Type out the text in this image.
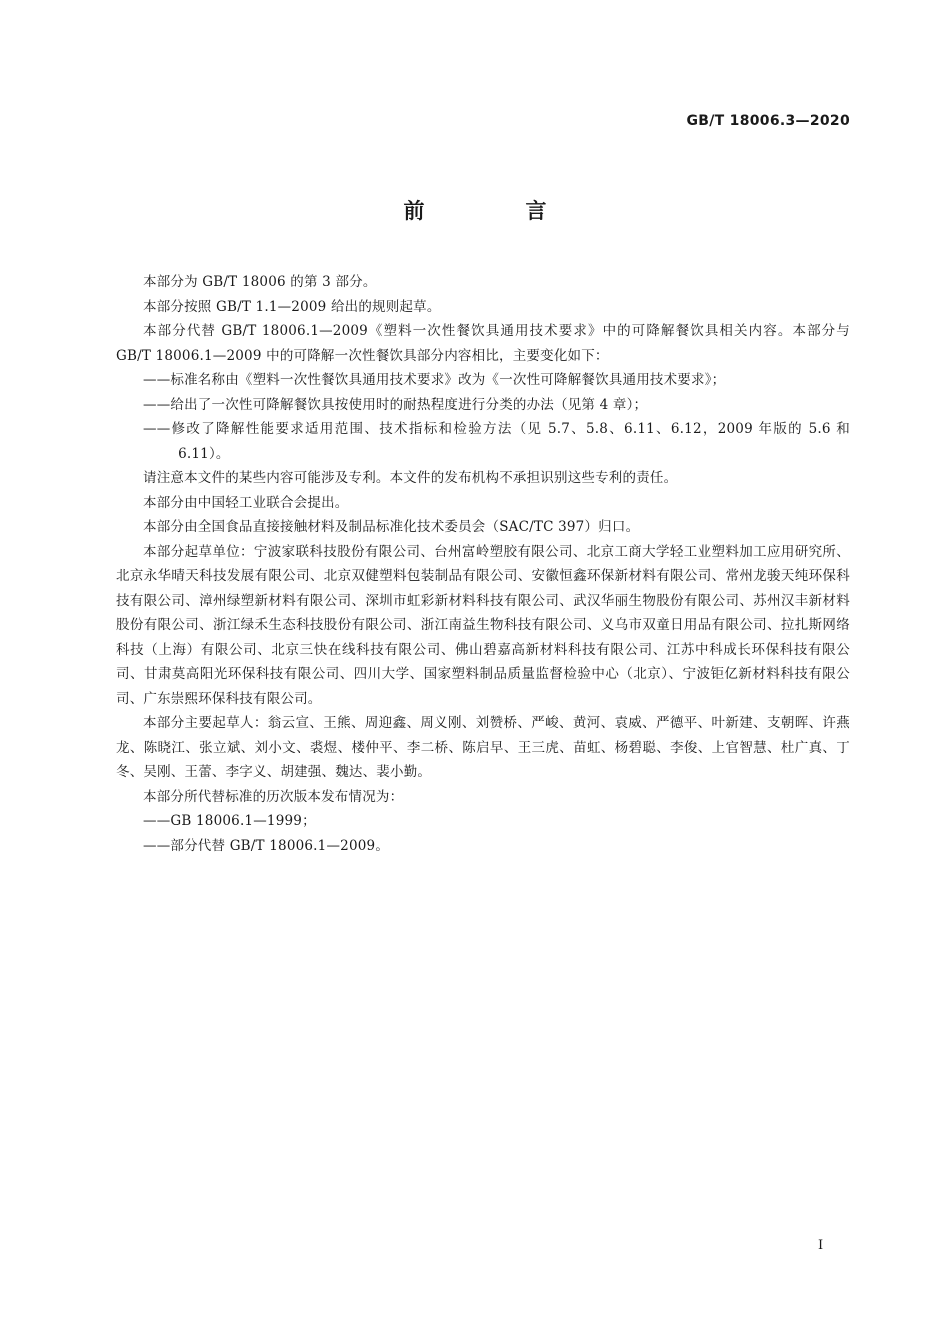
GB/T 18006.3—2020
前　言

本部分为 GB/T 18006 的第 3 部分。

本部分按照 GB/T 1.1—2009 给出的规则起草。

本部分代替 GB/T 18006.1—2009《塑料一次性餐饮具通用技术要求》中的可降解餐饮具相关内容。本部分与 GB/T 18006.1—2009 中的可降解一次性餐饮具部分内容相比，主要变化如下：

——标准名称由《塑料一次性餐饮具通用技术要求》改为《一次性可降解餐饮具通用技术要求》；

——给出了一次性可降解餐饮具按使用时的耐热程度进行分类的办法（见第 4 章）；

——修改了降解性能要求适用范围、技术指标和检验方法（见 5.7、5.8、6.11、6.12，2009 年版的 5.6 和 6.11）。

请注意本文件的某些内容可能涉及专利。本文件的发布机构不承担识别这些专利的责任。

本部分由中国轻工业联合会提出。

本部分由全国食品直接接触材料及制品标准化技术委员会（SAC/TC 397）归口。

本部分起草单位：宁波家联科技股份有限公司、台州富岭塑胶有限公司、北京工商大学轻工业塑料加工应用研究所、北京永华晴天科技发展有限公司、北京双健塑料包装制品有限公司、安徽恒鑫环保新材料有限公司、常州龙骏天纯环保科技有限公司、漳州绿塑新材料有限公司、深圳市虹彩新材料科技有限公司、武汉华丽生物股份有限公司、苏州汉丰新材料股份有限公司、浙江绿禾生态科技股份有限公司、浙江南益生物科技有限公司、义乌市双童日用品有限公司、拉扎斯网络科技（上海）有限公司、北京三快在线科技有限公司、佛山碧嘉高新材料科技有限公司、江苏中科成长环保科技有限公司、甘肃莫高阳光环保科技有限公司、四川大学、国家塑料制品质量监督检验中心（北京）、宁波钜亿新材料科技有限公司、广东崇熙环保科技有限公司。

本部分主要起草人：翁云宣、王熊、周迎鑫、周义刚、刘赞桥、严峻、黄河、袁威、严德平、叶新建、支朝晖、许燕龙、陈晓江、张立斌、刘小文、裘煜、楼仲平、李二桥、陈启早、王三虎、苗虹、杨碧聪、李俊、上官智慧、杜广真、丁冬、吴刚、王蕾、李字义、胡建强、魏达、裴小勤。

本部分所代替标准的历次版本发布情况为：

——GB 18006.1—1999；

——部分代替 GB/T 18006.1—2009。

Ⅰ
